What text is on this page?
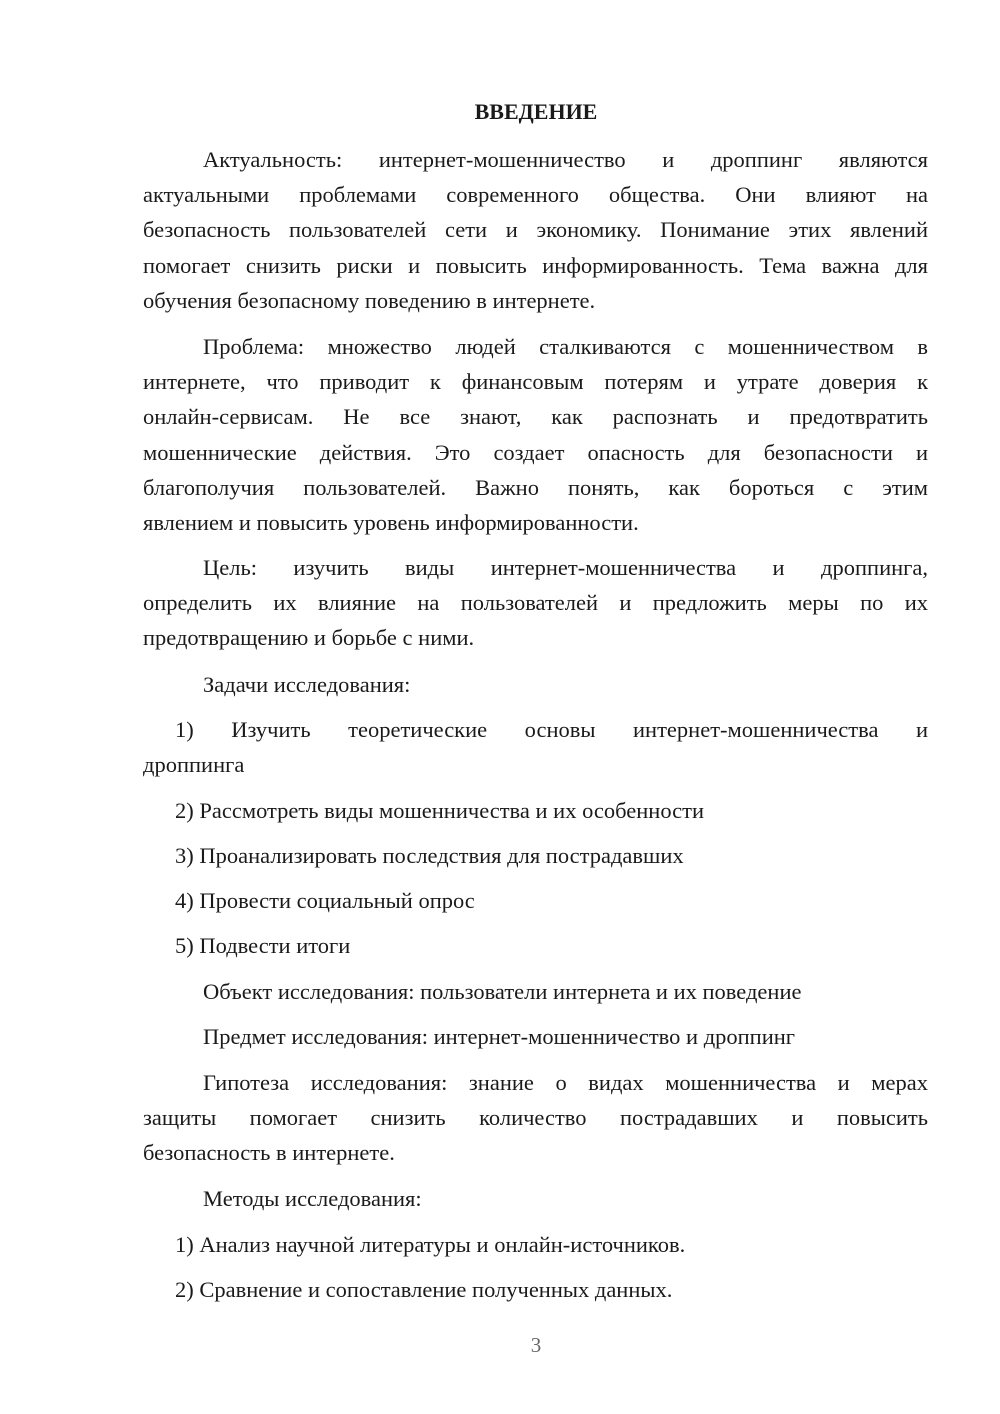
ВВЕДЕНИЕ
Актуальность: интернет-мошенничество и дроппинг являются
актуальными проблемами современного общества. Они влияют на
безопасность пользователей сети и экономику. Понимание этих явлений
помогает снизить риски и повысить информированность. Тема важна для
обучения безопасному поведению в интернете.
Проблема: множество людей сталкиваются с мошенничеством в
интернете, что приводит к финансовым потерям и утрате доверия к
онлайн-сервисам. Не все знают, как распознать и предотвратить
мошеннические действия. Это создает опасность для безопасности и
благополучия пользователей. Важно понять, как бороться с этим
явлением и повысить уровень информированности.
Цель: изучить виды интернет-мошенничества и дроппинга,
определить их влияние на пользователей и предложить меры по их
предотвращению и борьбе с ними.
Задачи исследования:
1) Изучить теоретические основы интернет-мошенничества и
дроппинга
2) Рассмотреть виды мошенничества и их особенности
3) Проанализировать последствия для пострадавших
4) Провести социальный опрос
5) Подвести итоги
Объект исследования: пользователи интернета и их поведение
Предмет исследования: интернет-мошенничество и дроппинг
Гипотеза исследования: знание о видах мошенничества и мерах
защиты помогает снизить количество пострадавших и повысить
безопасность в интернете.
Методы исследования:
1) Анализ научной литературы и онлайн-источников.
2) Сравнение и сопоставление полученных данных.
3
